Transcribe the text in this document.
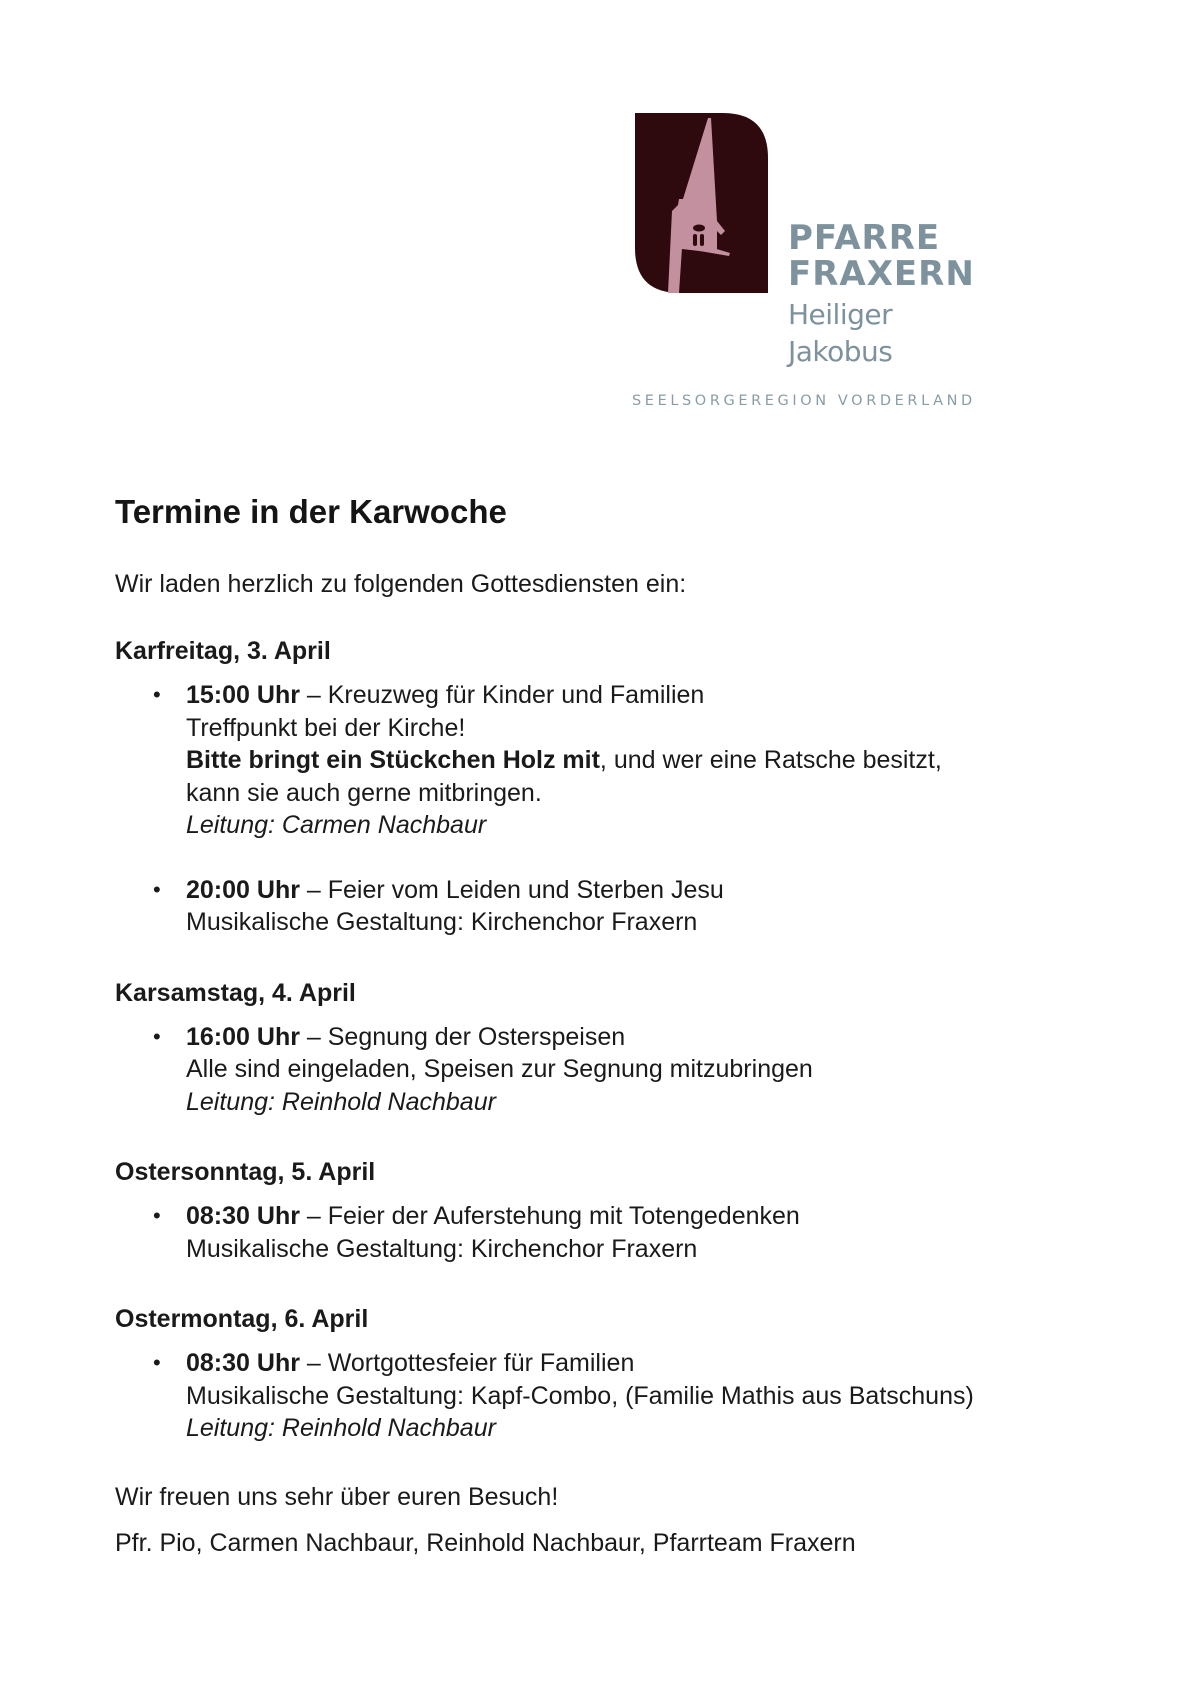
PFARRE
FRAXERN
Heiliger
Jakobus
SEELSORGEREGION VORDERLAND
Termine in der Karwoche

Wir laden herzlich zu folgenden Gottesdiensten ein:

Karfreitag, 3. April
• 15:00 Uhr – Kreuzweg für Kinder und Familien
Treffpunkt bei der Kirche!
Bitte bringt ein Stückchen Holz mit, und wer eine Ratsche besitzt,
kann sie auch gerne mitbringen.
Leitung: Carmen Nachbaur
• 20:00 Uhr – Feier vom Leiden und Sterben Jesu
Musikalische Gestaltung: Kirchenchor Fraxern
Karsamstag, 4. April
• 16:00 Uhr – Segnung der Osterspeisen
Alle sind eingeladen, Speisen zur Segnung mitzubringen
Leitung: Reinhold Nachbaur
Ostersonntag, 5. April
• 08:30 Uhr – Feier der Auferstehung mit Totengedenken
Musikalische Gestaltung: Kirchenchor Fraxern
Ostermontag, 6. April
• 08:30 Uhr – Wortgottesfeier für Familien
Musikalische Gestaltung: Kapf-Combo, (Familie Mathis aus Batschuns)
Leitung: Reinhold Nachbaur

Wir freuen uns sehr über euren Besuch!

Pfr. Pio, Carmen Nachbaur, Reinhold Nachbaur, Pfarrteam Fraxern
